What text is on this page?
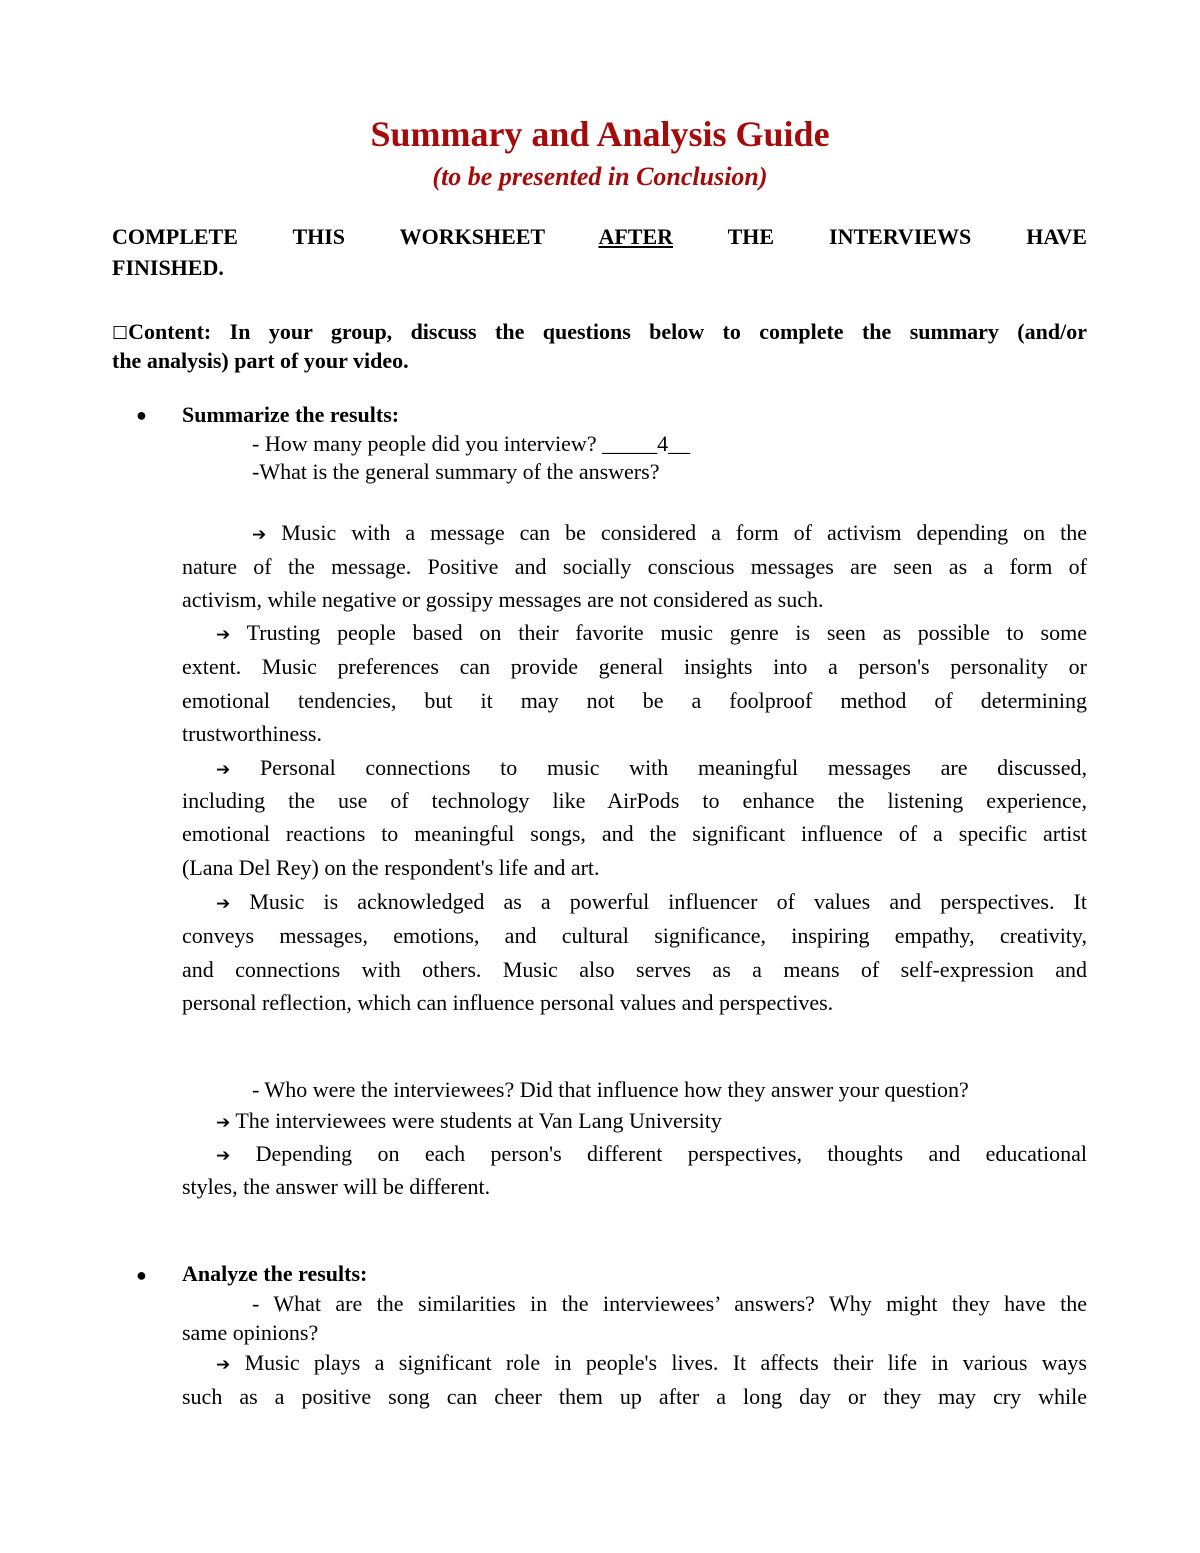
Summary and Analysis Guide
(to be presented in Conclusion)
COMPLETE THIS WORKSHEET AFTER THE INTERVIEWS HAVE
FINISHED.
☐Content: In your group, discuss the questions below to complete the summary (and/or
the analysis) part of your video.
● Summarize the results:
- How many people did you interview? _____4__
-What is the general summary of the answers?
➔ Music with a message can be considered a form of activism depending on the
nature of the message. Positive and socially conscious messages are seen as a form of
activism, while negative or gossipy messages are not considered as such.
➔ Trusting people based on their favorite music genre is seen as possible to some
extent. Music preferences can provide general insights into a person's personality or
emotional tendencies, but it may not be a foolproof method of determining
trustworthiness.
➔ Personal connections to music with meaningful messages are discussed,
including the use of technology like AirPods to enhance the listening experience,
emotional reactions to meaningful songs, and the significant influence of a specific artist
(Lana Del Rey) on the respondent's life and art.
➔ Music is acknowledged as a powerful influencer of values and perspectives. It
conveys messages, emotions, and cultural significance, inspiring empathy, creativity,
and connections with others. Music also serves as a means of self-expression and
personal reflection, which can influence personal values and perspectives.
- Who were the interviewees? Did that influence how they answer your question?
➔ The interviewees were students at Van Lang University
➔ Depending on each person's different perspectives, thoughts and educational
styles, the answer will be different.
● Analyze the results:
- What are the similarities in the interviewees’ answers? Why might they have the
same opinions?
➔ Music plays a significant role in people's lives. It affects their life in various ways
such as a positive song can cheer them up after a long day or they may cry while
